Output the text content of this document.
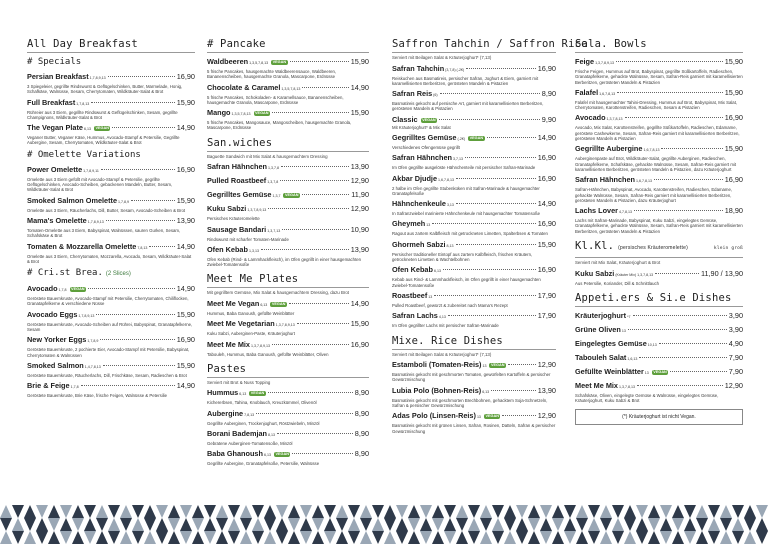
All Day Breakfast
# Specials
Persian Breakfast 1,7,8,9,13	16,90
3 Spiegeleier, gegrillte Rindswurst & Geflügelschinken, Butter, Marmelade, Honig, Schafkäse, Walnüsse, Sesam, Cherrytomaten, Wildkräuter-Salat & Brot
Full Breakfast 1,7,8,13	15,90
Rühreier aus 3 Eiern, gegrillte Rindswurst & Geflügelschinken, Sesam, gegrillte Champignons, Wildkräuter-Salat & Brot
The Vegan Plate 6,13	VEGAN	14,90
Veganer Butter, Veganer Käse, Hummus, Avocado-Stampf & Petersilie, Gegrillte Aubergine, Sesam, Cherrytomaten, Wildkräuter-Salat & Brot
# Omelette Variations
Power Omelette 1,7,8,9,11	16,90
Omelette aus 3 Eiern gefüllt mit Avocado-Stampf & Petersilie, gegrillte Geflügelschinken, Avocado-Scheiben, gebackenen Mandeln, Butter, Sesam, Wildkräuter-Salat & Brot
Smoked Salmon Omelette 1,7,8,9	15,90
Omelette aus 3 Eiern, Räucherlachs, Dill, Butter, Sesam, Avocado-Scheiben & Brot
Mama's Omelette 1,7,8,9,13	13,90
Tomaten-Omelette aus 3 Eiern, Babyspinat, Walnüssen, sauren Gurken, Sesam, Schafskäse & Brot
Tomaten & Mozzarella Omelette 7,8,13	14,90
Omelette aus 3 Eiern, Cherrytomaten, Mozzarella, Avocado, Sesam, Wildkräuter-Salat & Brot
# Cri.st Brea. (2 Slices)
Avocado 1,7,8	VEGAN	14,90
Geröstete Bauernkruste, Avocado-Stampf mit Petersilie, Cherrytomaten, Chiliflocken, Granatapfelkerne & verschiedene Nüsse
Avocado Eggs 1,7,8,9,13	15,90
Geröstete Bauernkruste, Avocado-Scheiben auf Rührei, Babyspinat, Granatapfelkerne, Sesam
New Yorker Eggs 1,7,8,9	16,90
Geröstete Bauernkruste, 2 pochierte Eier, Avocado-Stampf mit Petersilie, Babyspinat, Cherrytomaten & Walnüssen
Smoked Salmon 1,4,7,8,13	15,90
Geröstete Bauernkruste, Räucherlachs, Dill, Frischkäse, Sesam, Radieschen & Brot
Brie & Feige 1,7,8	14,90
Geröstete Bauernkruste, Brie Käse, frische Feigen, Walnüsse & Petersilie
# Pancake
Waldbeeren 1,3,5,7,8,13	VEGAN	15,90
5 frische Pancakes, hausgemachte Waldbeerensauce, Waldbeeren, Bananenscheiben, hausgemachte Granola, Mascarpone, Erdnüsse
Chocolate & Caramel 1,3,5,7,8,13	14,90
5 frische Pancakes, Schokoladen- & Karamellsauce, Bananenscheiben, hausgemachte Granola, Mascarpone, Erdnüsse
Mango 1,3,5,7,8,13	VEGAN	15,90
5 frische Pancakes, Mangosauce, Mangoscheiben, hausgemachte Granola, Mascarpone, Erdnüsse
San.wiches
Baguette Sandwich mit Mix Salat & hausgemachtem Dressing
Safran Hähnchen 1,3,7,8	13,90
Pulled Roastbeef 1,3,7,8	12,90
Gegrilltes Gemüse 1,3,7	VEGAN	11,90
Kuku Sabzi 1,3,7,8,9,13	12,90
Persisches Kräuteromelette
Sausage Bandari 1,3,7,13	10,90
Rindswurst mit scharfer Tomaten-Marinade
Ofen Kebab 1,3,13	13,90
Ofen Kebab (Rind- & Lammhackfleisch), im Ofen gegrillt in einer hausgemachten Zwiebel-Tomatensoße
Meet Me Plates
Mit gegrilltem Gemüse, Mix Salat & hausgemachtem Dressing, dazu Brot
Meet Me Vegan 6,13	VEGAN	14,90
Hummus, Baba Ganoush, gefüllte Weinblätter
Meet Me Vegetarian 1,3,7,8,9,13	15,90
Kuku Sabzi, Auberginen-Paste, Kräuterjoghurt
Meet Me Mix 1,3,7,8,9,13	16,90
Tabouleh, Hummus, Baba Ganoush, gefüllte Weinblätter, Oliven
Pastes
Serviert mit Brot & Nuss Topping
Hummus 6,13	VEGAN	8,90
Kichererbsen, Tahina, Knoblauch, Kreuzkümmel, Olivenöl
Aubergine 7,8,13	8,90
Gegrillte Auberginen, Trockenjoghurt, Röstzwiebeln, Minzöl
Borani Bademjan 8,13	8,90
Gebratene Auberginen-Tomatensoße, Minzöl
Baba Ghanoush 6,13	VEGAN	8,90
Gegrillte Aubergine, Granatapfelsoße, Petersilie, Walnüsse
Saffron Tahchin / Saffron Rice
Serviert mit Beilagen Salat & Kräuterjoghurt* (7,13)
Safran Tahchin (3,7,8) (-2€)	16,90
Reiskuchen aus Basmatireis, persischer Safran, Joghurt & Eiern, garniert mit karamellisierten Berberitzen, gerösteten Mandeln & Pistazien
Safran Reis (6)	8,90
Basmatireis gekocht auf persische Art, garniert mit karamellisierten Berberitzen, gerösteten Mandeln & Pistazien
Classic	VEGAN	9,90
Mit Kräuterjoghurt* & Mix Salat
Gegrilltes Gemüse (-2€)	VEGAN	14,90
Verschiedenes Ofengemüse gegrillt
Safran Hähnchen 3,7,13	16,90
Im Ofen gegrillte ausgelöste Hähnchenteile mit persischer Safran-Marinade
Akbar Djudje 1,6,7,8,13	16,90
2 halbe im Ofen gegrillte Stubenküken mit Safran-Marinade & hausgemachter Granatapfelsoße
Hähnchenkeule 3,13	14,90
In Safranzwiebel marinierte Hähnchenkeule mit hausgemachter Tomatensoße
Gheymeh 13	16,90
Ragout aus zartem Kalbfleisch mit getrockneten Limetten, Spalterbsen & Tomaten
Ghormeh Sabzi 8,13	15,90
Persischer traditioneller Eintopf aus zartem Kalbfleisch, frischen Kräutern, getrockneten Limetten & Wachtelbohnen
Ofen Kebab 6,13	16,90
Kebab aus Rind- & Lammhackfleisch, im Ofen gegrillt in einer hausgemachten Zwiebel-Tomatensoße
Roastbeef 13	17,90
Pulled Roastbeef, gewürzt & zubereitet nach Mama's Rezept
Safran Lachs 4,13	17,90
Im Ofen gegrillter Lachs mit persischer Safran-Marinade
Mixe. Rice Dishes
Serviert mit Beilagen Salat & Kräuterjoghurt* (7,13)
Estamboli (Tomaten-Reis) 13	VEGAN	12,90
Basmatireis gekocht mit geschmorten Tomaten, gewürfelten Kartoffeln & persischer Gewürzmischung
Lubia Polo (Bohnen-Reis) 6,13	13,90
Basmatireis gekocht mit geschmorten Brechbohnen, gehacktem Soja-Schnetzeln, Safran & persischer Gewürzmischung
Adas Polo (Linsen-Reis) 13	VEGAN	12,90
Basmatireis gekocht mit grünen Linsen, Safran, Rosinen, Datteln, Safran & persischer Gewürzmischung
Sala. Bowls
Feige 1,3,7,8,9,13	15,90
Frische Feigen, Hummus auf Brot, Babyspinat, gegrillte Süßkartoffeln, Radieschen, Granatapfelkerne, gehackte Walnüsse, Sesam, Safran-Reis garniert mit karamellisierten Berberitzen, gerösteten Mandeln & Pistazien
Falafel 1,6,7,8,13	15,90
Falafel mit hausgemachter Tahini-Dressing, Hummus auf Brot, Babyspinat, Mix Salat, Cherrytomaten, Karottenstreifen, Radieschen, Sesam & Pistazien
Avocado 1,3,7,8,13	16,90
Avocado, Mix Salat, Karottenstreifen, gegrillte Süßkartoffeln, Radieschen, Edamame, geröstete Cashewkerne, Sesam, Safran-Reis garniert mit karamellisierten Berberitzen, gerösteten Mandeln & Pistazien
Gegrillte Aubergine 1,6,7,8,13	15,90
Auberginenpaste auf Brot, Wildkräuter-Salat, gegrillte Auberginen, Radieschen, Granatapfelkerne, Schafskäse, gehackte Walnüsse, Sesam, Safran-Reis garniert mit karamellisierten Berberitzen, gerösteten Mandeln & Pistazien, dazu Kräuterjoghurt
Safran Hähnchen 1,6,7,8,13	16,90
Safran-Hähnchen, Babyspinat, Avocado, Karottenstreifen, Radieschen, Edamame, gehackte Walnüsse, Sesam, Safran-Reis garniert mit karamellisierten Berberitzen, gerösteten Mandeln & Pistazien, dazu Kräuterjoghurt
Lachs Lover 4,7,8,13	18,90
Lachs mit Safran-Marinade, Babyspinat, Kuku Sabzi, eingelegtes Gemüse, Granatapfelkerne, gehackte Walnüsse, Sesam, Safran-Reis garniert mit karamellisierten Berberitzen, gerösteten Mandeln & Pistazien
Kl.Kl. (persisches Kräuteromelette)	klein groß
Serviert mit Mix Salat, Kräuterjoghurt & Brot
Kuku Sabzi (Kräuter Mix) 1,3,7,8,13	11,90 / 13,90
Aus Petersilie, Koriander, Dill & Schnittlauch
Appeti.ers & Si.e Dishes
Kräuterjoghurt *7	3,90
Grüne Oliven 13	3,90
Eingelegtes Gemüse 10,13	4,90
Tabouleh Salat 1,6,13	7,90
Gefüllte Weinblätter 13	VEGAN	7,90
Meet Me Mix 1,3,7,8,13	12,90
Schafskäse, Oliven, eingelegte Gemüse & Walnüsse, eingelegtes Gemüse, Kräuterjoghurt, Kuku Sabzi & Brot
(*) Kräuterjoghurt ist nicht Vegan.
